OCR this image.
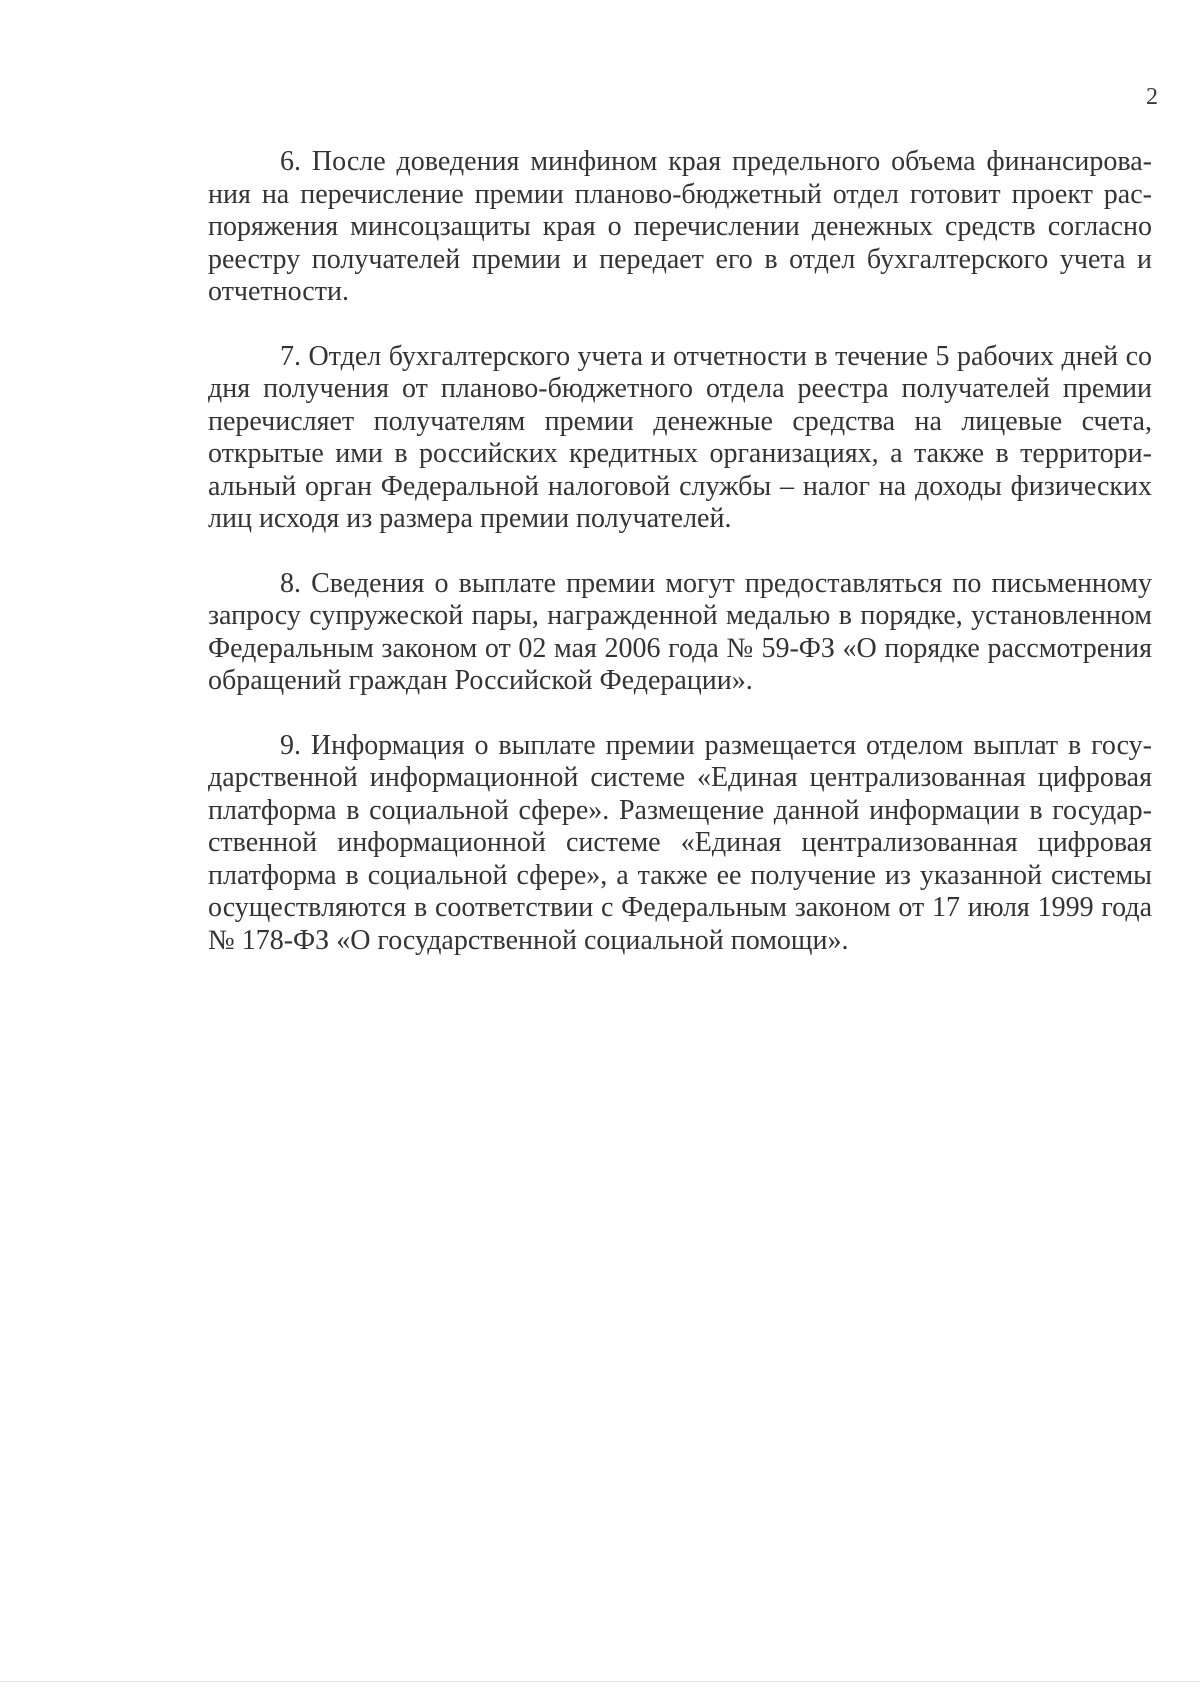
2

6. После доведения минфином края предельного объема финансирования на перечисление премии планово-бюджетный отдел готовит проект распоряжения минсоцзащиты края о перечислении денежных средств согласно реестру получателей премии и передает его в отдел бухгалтерского учета и отчетности.

7. Отдел бухгалтерского учета и отчетности в течение 5 рабочих дней со дня получения от планово-бюджетного отдела реестра получателей премии перечисляет получателям премии денежные средства на лицевые счета, открытые ими в российских кредитных организациях, а также в территориальный орган Федеральной налоговой службы – налог на доходы физических лиц исходя из размера премии получателей.

8. Сведения о выплате премии могут предоставляться по письменному запросу супружеской пары, награжденной медалью в порядке, установленном Федеральным законом от 02 мая 2006 года № 59-ФЗ «О порядке рассмотрения обращений граждан Российской Федерации».

9. Информация о выплате премии размещается отделом выплат в государственной информационной системе «Единая централизованная цифровая платформа в социальной сфере». Размещение данной информации в государственной информационной системе «Единая централизованная цифровая платформа в социальной сфере», а также ее получение из указанной системы осуществляются в соответствии с Федеральным законом от 17 июля 1999 года № 178-ФЗ «О государственной социальной помощи».
